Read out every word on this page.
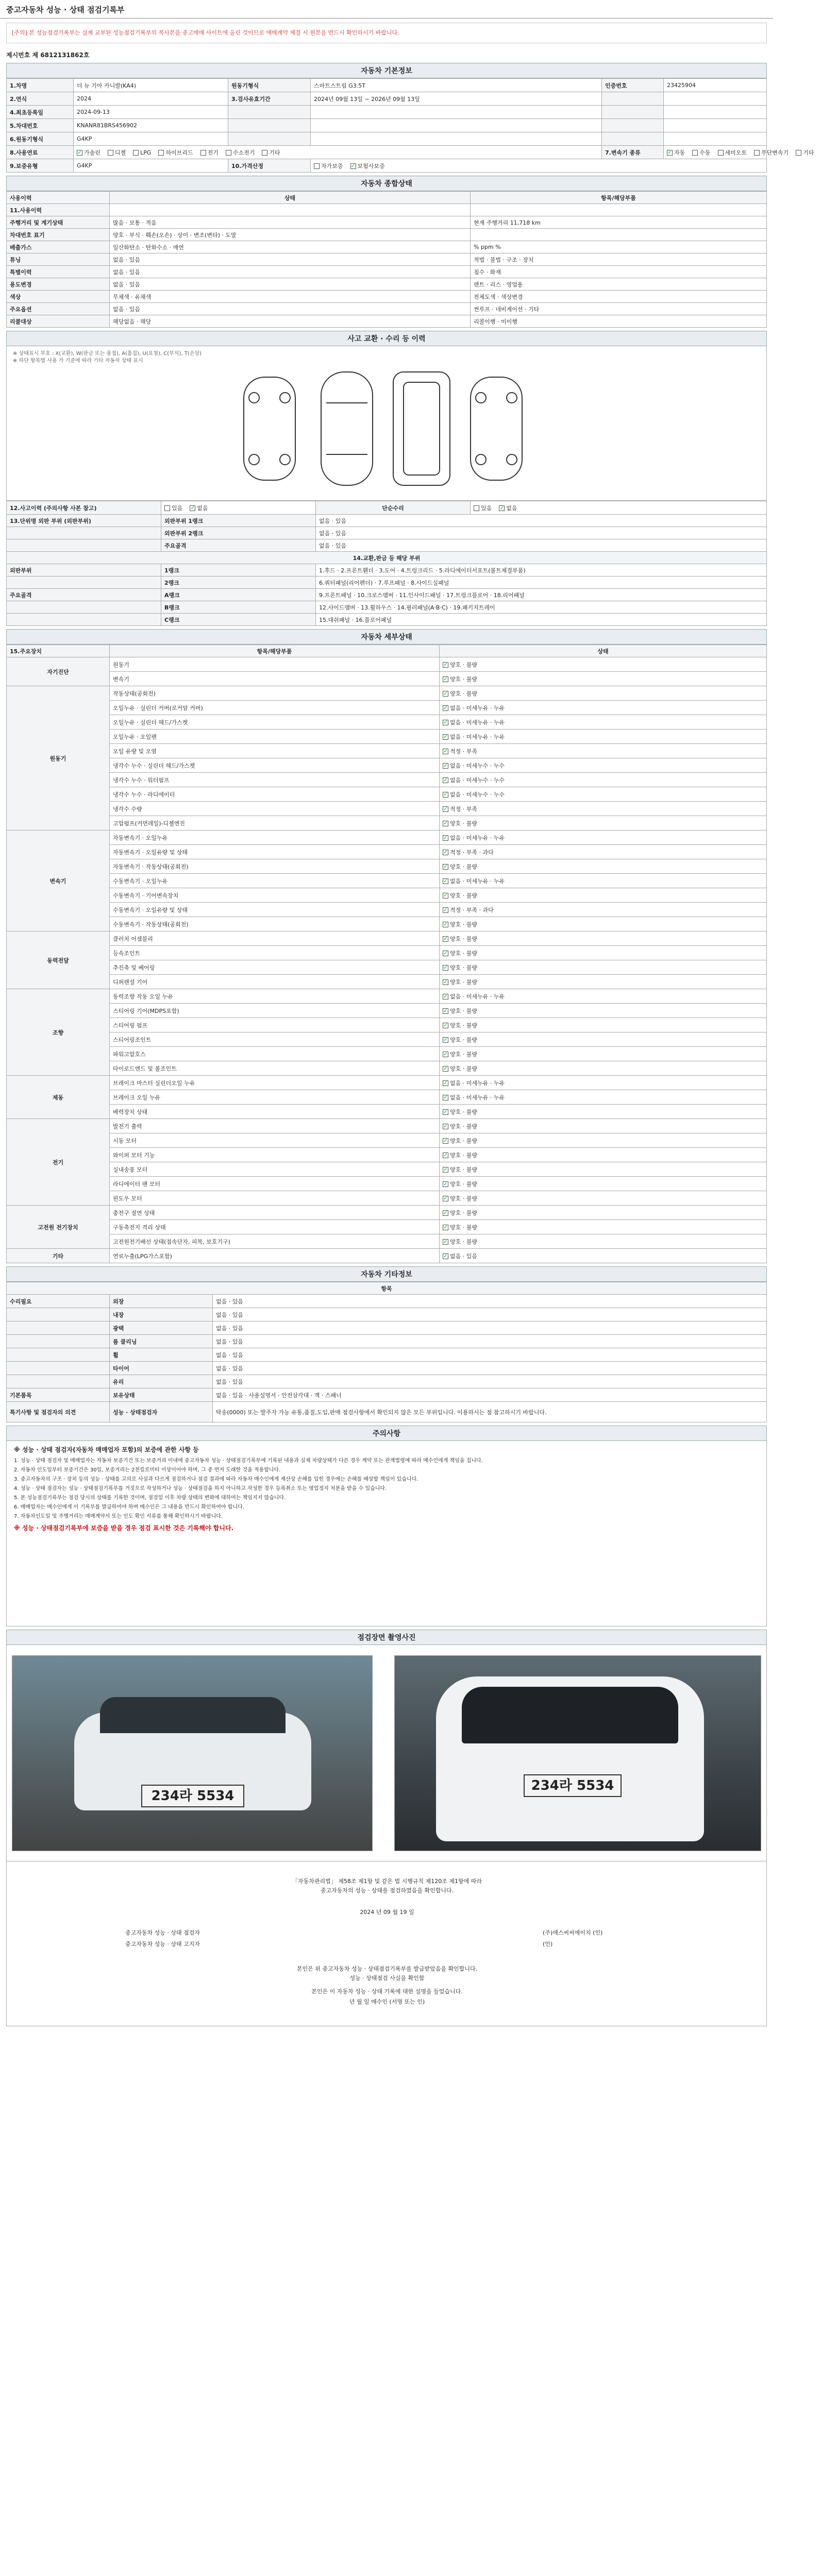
중고자동차 성능 · 상태 점검기록부
[주의] 본 성능점검기록부는 실제 교부된 성능점검기록부의 복사본을 중고매매 사이트에 올린 것이므로 매매계약 체결 시 원본을 반드시 확인하시기 바랍니다.
제시번호 제 6812131862호
자동차 기본정보
1.차명	더 뉴 기아 카니발(KA4)	원동기형식	스마트스트림 G3.5T	인증번호	23425904
2.연식	2024	3.검사유효기간	2024년 09월 13일 ~ 2026년 09월 13일		
4.최초등록일	2024-09-13				
5.차대번호	KNANR81BRS456902				
6.원동기형식	G4KP				
8.사용연료	✓가솔린 디젤 LPG 하이브리드 전기 수소전기 기타			7.변속기 종류	✓자동 수동 세미오토 무단변속기 기타
9.보증유형	G4KP	10.가격산정	자가보증 ✓ 보험사보증
자동차 종합상태
사용이력	상태	항목/해당부품
11.사용이력		
주행거리 및 계기상태	많음 · 보통 · 적음	현재 주행거리 11,718 km
차대번호 표기	양호 · 부식 · 훼손(오손) · 상이 · 변조(변타) · 도말	
배출가스	일산화탄소 · 탄화수소 · 매연	% ppm %
튜닝	없음 · 있음	적법 · 불법 · 구조 · 장치
특별이력	없음 · 있음	침수 · 화재
용도변경	없음 · 있음	렌트 · 리스 · 영업용
색상	무채색 · 유채색	전체도색 · 색상변경
주요옵션	없음 · 있음	썬루프 · 네비게이션 · 기타
리콜대상	해당없음 · 해당	리콜이행 · 미이행
사고 교환 · 수리 등 이력
※ 상태표시 부호 : X(교환), W(판금 또는 용접), A(흠집), U(요철), C(부식), T(손상)
※ 하단 항목별 사용 가 기준에 따라 기타 자동차 상태 표시
12.사고이력 (주의사항 사본 참고)	있음 ✓ 없음	단순수리	있음 ✓ 없음
13.단위명 외판 부위 (외판부위)	외판부위 1랭크	없음 · 있음	
	외판부위 2랭크	없음 · 있음	
	주요골격	없음 · 있음	
14.교환,판금 등 해당 부위			
외판부위	1랭크	1.후드 · 2.프론트휀더 · 3.도어 · 4.트렁크리드 · 5.라디에이터서포트(볼트체결부품)	
	2랭크	6.쿼터패널(리어펜더) · 7.루프패널 · 8.사이드실패널	
주요골격	A랭크	9.프론트패널 · 10.크로스멤버 · 11.인사이드패널 · 17.트렁크플로어 · 18.리어패널	
	B랭크	12.사이드멤버 · 13.휠하우스 · 14.필러패널(A·B·C) · 19.패키지트레이	
	C랭크	15.대쉬패널 · 16.플로어패널	
자동차 세부상태
15.주요장치	항목/해당부품	상태
자기진단	원동기	✓양호 · 불량
	변속기	✓양호 · 불량
원동기	작동상태(공회전)	✓양호 · 불량
	오일누유 · 실린더 커버(로커암 커버)	✓없음 · 미세누유 · 누유
	오일누유 · 실린더 헤드/가스켓	✓없음 · 미세누유 · 누유
	오일누유 · 오일팬	✓없음 · 미세누유 · 누유
	오일 유량 및 오염	✓적정 · 부족
	냉각수 누수 · 실린더 헤드/가스켓	✓없음 · 미세누수 · 누수
	냉각수 누수 · 워터펌프	✓없음 · 미세누수 · 누수
	냉각수 누수 · 라디에이터	✓없음 · 미세누수 · 누수
	냉각수 수량	✓적정 · 부족
	고압펌프(커먼레일)-디젤엔진	✓양호 · 불량
변속기	자동변속기 · 오일누유	✓없음 · 미세누유 · 누유
	자동변속기 · 오일유량 및 상태	✓적정 · 부족 · 과다
	자동변속기 · 작동상태(공회전)	✓양호 · 불량
	수동변속기 · 오일누유	✓없음 · 미세누유 · 누유
	수동변속기 · 기어변속장치	✓양호 · 불량
	수동변속기 · 오일유량 및 상태	✓적정 · 부족 · 과다
	수동변속기 · 작동상태(공회전)	✓양호 · 불량
동력전달	클러치 어셈블리	✓양호 · 불량
	등속조인트	✓양호 · 불량
	추진축 및 베어링	✓양호 · 불량
	디퍼렌셜 기어	✓양호 · 불량
조향	동력조향 작동 오일 누유	✓없음 · 미세누유 · 누유
	스티어링 기어(MDPS포함)	✓양호 · 불량
	스티어링 펌프	✓양호 · 불량
	스티어링조인트	✓양호 · 불량
	파워고압호스	✓양호 · 불량
	타이로드엔드 및 볼조인트	✓양호 · 불량
제동	브레이크 마스터 실린더오일 누유	✓없음 · 미세누유 · 누유
	브레이크 오일 누유	✓없음 · 미세누유 · 누유
	배력장치 상태	✓양호 · 불량
전기	발전기 출력	✓양호 · 불량
	시동 모터	✓양호 · 불량
	와이퍼 모터 기능	✓양호 · 불량
	실내송풍 모터	✓양호 · 불량
	라디에이터 팬 모터	✓양호 · 불량
	윈도우 모터	✓양호 · 불량
고전원 전기장치	충전구 절연 상태	✓양호 · 불량
	구동축전지 격리 상태	✓양호 · 불량
	고전원전기배선 상태(접속단자, 피복, 보호기구)	✓양호 · 불량
기타	연료누출(LPG가스포함)	✓없음 · 있음
자동차 기타정보
항목		
수리필요	외장	없음 · 있음
	내장	없음 · 있음
	광택	없음 · 있음
	룸 클리닝	없음 · 있음
	휠	없음 · 있음
	타이어	없음 · 있음
	유리	없음 · 있음
기본품목	보유상태	없음 · 있음 · 사용설명서 · 안전삼각대 · 잭 · 스패너
특기사항 및 점검자의 의견	성능 · 상태점검자	탁송(0000) 또는 발주자 가능 유통,품질,도입,판매 점검사항에서 확인되지 않은 모든 부위입니다. 이용하시는 점 참고하시기 바랍니다.
주의사항

※ 성능 · 상태 점검자(자동차 매매업자 포함)의 보증에 관한 사항 등

1. 성능 · 상태 점검자 및 매매업자는 자동차 보증기간 또는 보증거리 이내에 중고자동차 성능 · 상태점검기록부에 기록된 내용과 실제 차량상태가 다른 경우 계약 또는 관계법령에 따라 매수인에게 책임을 집니다.

2. 자동차 인도일부터 보증기간은 30일, 보증거리는 2천킬로미터 이상이어야 하며, 그 중 먼저 도래한 것을 적용합니다.

3. 중고자동차의 구조 · 장치 등의 성능 · 상태를 고의로 사실과 다르게 점검하거나 점검 결과에 따라 자동차 매수인에게 재산상 손해를 입힌 경우에는 손해를 배상할 책임이 있습니다.

4. 성능 · 상태 점검자는 성능 · 상태점검기록부를 거짓으로 작성하거나 성능 · 상태점검을 하지 아니하고 작성한 경우 등록취소 또는 영업정지 처분을 받을 수 있습니다.

5. 본 성능점검기록부는 점검 당시의 상태를 기록한 것이며, 점검일 이후 차량 상태의 변화에 대하여는 책임지지 않습니다.

6. 매매업자는 매수인에게 이 기록부를 발급하여야 하며 매수인은 그 내용을 반드시 확인하여야 합니다.

7. 자동차인도일 및 주행거리는 매매계약서 또는 인도 확인 서류를 통해 확인하시기 바랍니다.

※ 성능 · 상태점검기록부에 보증을 받을 경우 점검 표시한 것은 기록해야 합니다.

점검장면 촬영사진
234라 5534
234라 5534
「자동차관리법」 제58조 제1항 및 같은 법 시행규칙 제120조 제1항에 따라
중고자동차의 성능 · 상태를 점검하였음을 확인합니다.
2024 년 09 월 19 일
중고자동차 성능 · 상태 점검자	(주)에스씨씨에이치 (인)
중고자동차 성능 · 상태 고지자	(인)
본인은 위 중고자동차 성능 · 상태점검기록부를 발급받았음을 확인합니다.
성능 · 상태점검 사실을 확인함
본인은 이 자동차 성능 · 상태 기록에 대한 설명을 들었습니다.
년 월 일 매수인 (서명 또는 인)
